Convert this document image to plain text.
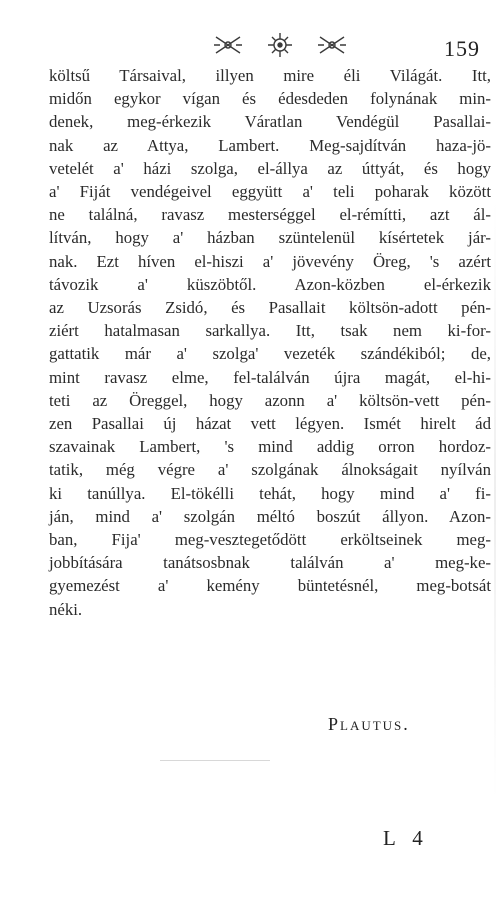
159
költsű Társaival, illyen mire éli Világát. Itt,
midőn egykor vígan és édesdeden folynának min-
denek, meg-érkezik Váratlan Vendégül Pasallai-
nak az Attya, Lambert. Meg-sajdítván haza-jö-
vetelét a' házi szolga, el-állya az úttyát, és hogy
a' Fiját vendégeivel eggyütt a' teli poharak között
ne találná, ravasz mesterséggel el-rémítti, azt ál-
lítván, hogy a' házban szüntelenül kísértetek jár-
nak. Ezt híven el-hiszi a' jövevény Öreg, 's azért
távozik a' küszöbtől. Azon-közben el-érkezik
az Uzsorás Zsidó, és Pasallait költsön-adott pén-
ziért hatalmasan sarkallya. Itt, tsak nem ki-for-
gattatik már a' szolga' vezeték szándékiból; de,
mint ravasz elme, fel-találván újra magát, el-hi-
teti az Öreggel, hogy azonn a' költsön-vett pén-
zen Pasallai új házat vett légyen. Ismét hirelt ád
szavainak Lambert, 's mind addig orron hordoz-
tatik, még végre a' szolgának álnokságait nyílván
ki tanúllya. El-tökélli tehát, hogy mind a' fi-
ján, mind a' szolgán méltó boszút állyon. Azon-
ban, Fija' meg-vesztegetődött erköltseinek meg-
jobbítására tanátsosbnak találván a' meg-ke-
gyemezést a' kemény büntetésnél, meg-botsát
néki.
Plautus.
L 4
